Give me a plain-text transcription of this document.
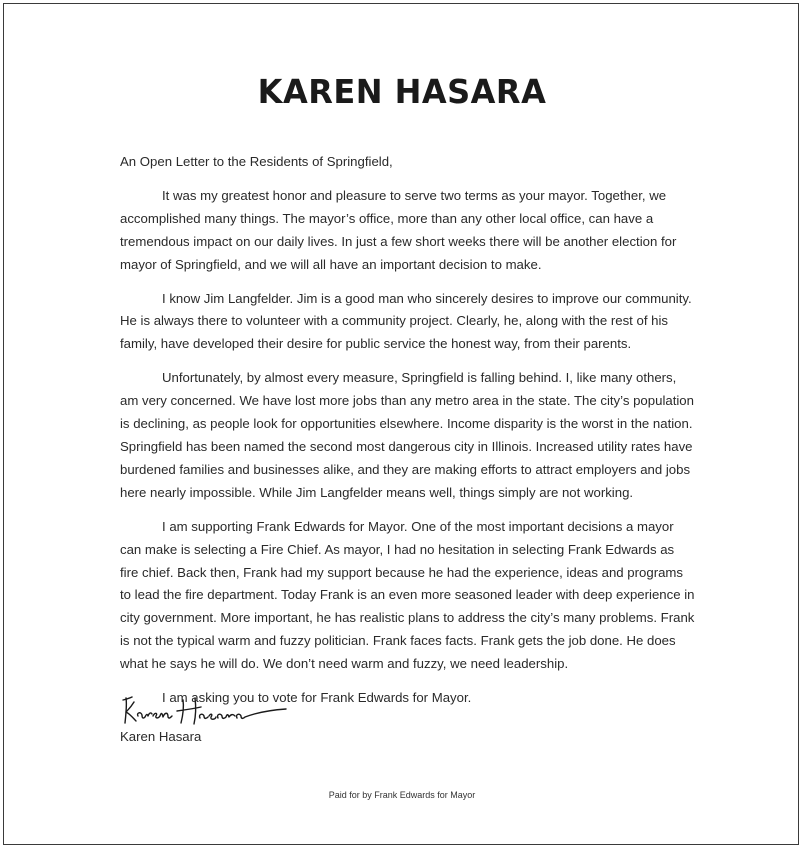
KAREN HASARA

An Open Letter to the Residents of Springfield,

It was my greatest honor and pleasure to serve two terms as your mayor. Together, we accomplished many things. The mayor’s office, more than any other local office, can have a tremendous impact on our daily lives. In just a few short weeks there will be another election for mayor of Springfield, and we will all have an important decision to make.

I know Jim Langfelder. Jim is a good man who sincerely desires to improve our community. He is always there to volunteer with a community project. Clearly, he, along with the rest of his family, have developed their desire for public service the honest way, from their parents.

Unfortunately, by almost every measure, Springfield is falling behind. I, like many others, am very concerned. We have lost more jobs than any metro area in the state. The city’s population is declining, as people look for opportunities elsewhere. Income disparity is the worst in the nation. Springfield has been named the second most dangerous city in Illinois. Increased utility rates have burdened families and businesses alike, and they are making efforts to attract employers and jobs here nearly impossible. While Jim Langfelder means well, things simply are not working.

I am supporting Frank Edwards for Mayor. One of the most important decisions a mayor can make is selecting a Fire Chief. As mayor, I had no hesitation in selecting Frank Edwards as fire chief. Back then, Frank had my support because he had the experience, ideas and programs to lead the fire department. Today Frank is an even more seasoned leader with deep experience in city government. More important, he has realistic plans to address the city’s many problems. Frank is not the typical warm and fuzzy politician. Frank faces facts. Frank gets the job done. He does what he says he will do. We don’t need warm and fuzzy, we need leadership.

I am asking you to vote for Frank Edwards for Mayor.

Karen Hasara
Paid for by Frank Edwards for Mayor
